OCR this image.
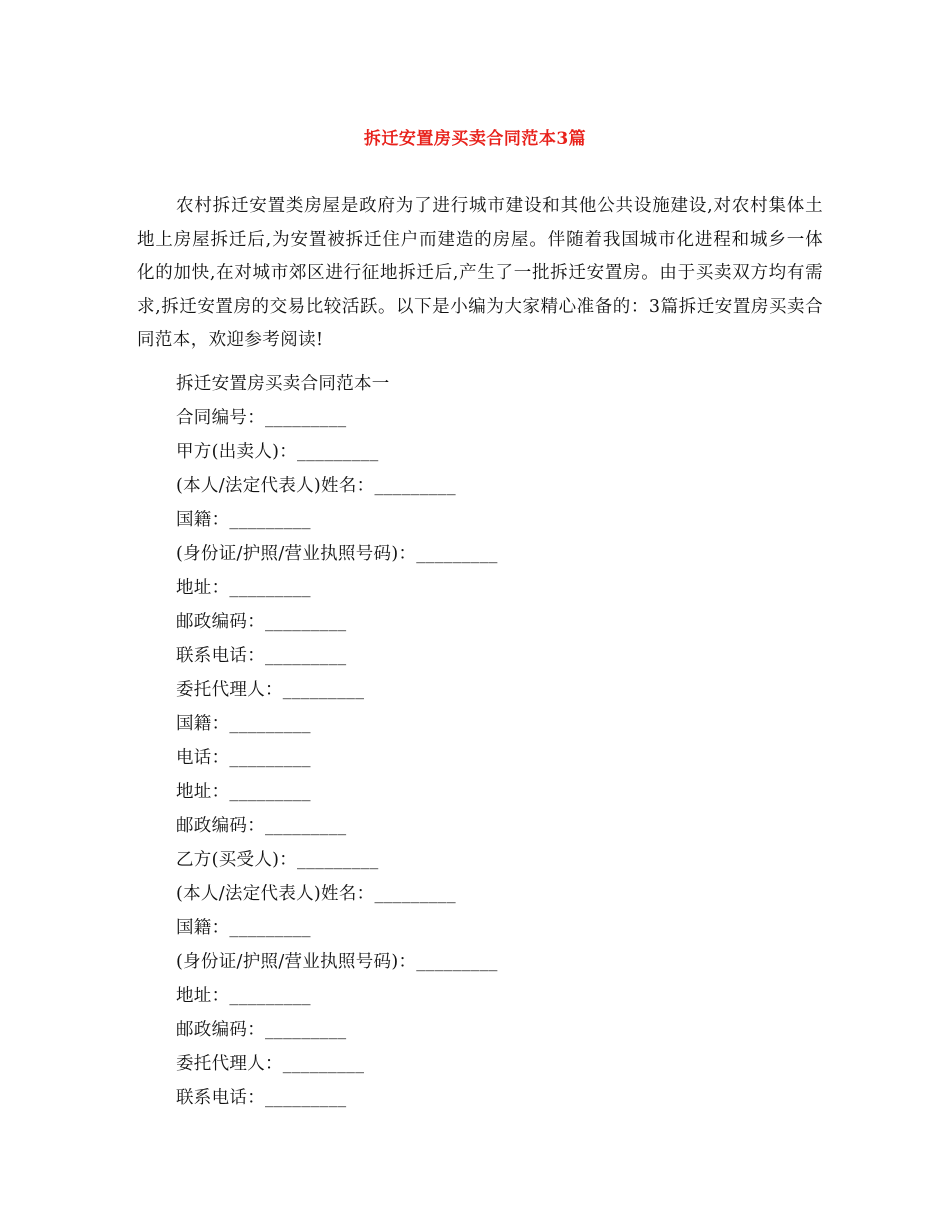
拆迁安置房买卖合同范本3篇

农村拆迁安置类房屋是政府为了进行城市建设和其他公共设施建设,对农村集体土地上房屋拆迁后,为安置被拆迁住户而建造的房屋。伴随着我国城市化进程和城乡一体化的加快,在对城市郊区进行征地拆迁后,产生了一批拆迁安置房。由于买卖双方均有需求,拆迁安置房的交易比较活跃。以下是小编为大家精心准备的：3篇拆迁安置房买卖合同范本，欢迎参考阅读!

拆迁安置房买卖合同范本一
合同编号：_________
甲方(出卖人)：_________
(本人/法定代表人)姓名：_________
国籍：_________
(身份证/护照/营业执照号码)：_________
地址：_________
邮政编码：_________
联系电话：_________
委托代理人：_________
国籍：_________
电话：_________
地址：_________
邮政编码：_________
乙方(买受人)：_________
(本人/法定代表人)姓名：_________
国籍：_________
(身份证/护照/营业执照号码)：_________
地址：_________
邮政编码：_________
委托代理人：_________
联系电话：_________
